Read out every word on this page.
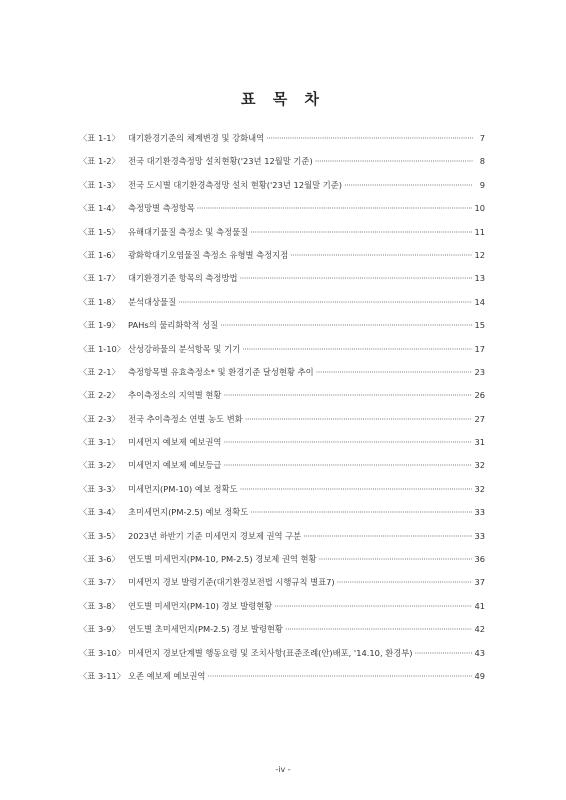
표 목 차
〈표 1-1〉 대기환경기준의 체계변경 및 강화내역 ·····	7
〈표 1-2〉 전국 대기환경측정망 설치현황('23년 12월말 기준) ·····	8
〈표 1-3〉 전국 도시별 대기환경측정망 설치 현황('23년 12월말 기준) ·····	9
〈표 1-4〉 측정망별 측정항목 ·····	10
〈표 1-5〉 유해대기물질 측정소 및 측정물질 ·····	11
〈표 1-6〉 광화학대기오염물질 측정소 유형별 측정지점 ·····	12
〈표 1-7〉 대기환경기준 항목의 측정방법 ·····	13
〈표 1-8〉 분석대상물질 ·····	14
〈표 1-9〉 PAHs의 물리화학적 성질 ·····	15
〈표 1-10〉 산성강하물의 분석항목 및 기기 ·····	17
〈표 2-1〉 측정항목별 유효측정소* 및 환경기준 달성현황 추이 ·····	23
〈표 2-2〉 추이측정소의 지역별 현황 ·····	26
〈표 2-3〉 전국 추이측정소 연별 농도 변화 ·····	27
〈표 3-1〉 미세먼지 예보제 예보권역 ·····	31
〈표 3-2〉 미세먼지 예보제 예보등급 ·····	32
〈표 3-3〉 미세먼지(PM-10) 예보 정확도 ·····	32
〈표 3-4〉 초미세먼지(PM-2.5) 예보 정확도 ·····	33
〈표 3-5〉 2023년 하반기 기준 미세먼지 경보제 권역 구분 ·····	33
〈표 3-6〉 연도별 미세먼지(PM-10, PM-2.5) 경보제 권역 현황 ·····	36
〈표 3-7〉 미세먼지 경보 발령기준(대기환경보전법 시행규칙 별표7) ·····	37
〈표 3-8〉 연도별 미세먼지(PM-10) 경보 발령현황 ·····	41
〈표 3-9〉 연도별 초미세먼지(PM-2.5) 경보 발령현황 ·····	42
〈표 3-10〉 미세먼지 경보단계별 행동요령 및 조치사항(표준조례(안)배포, '14.10, 환경부) ·····	43
〈표 3-11〉 오존 예보제 예보권역 ·····	49
-iv -
